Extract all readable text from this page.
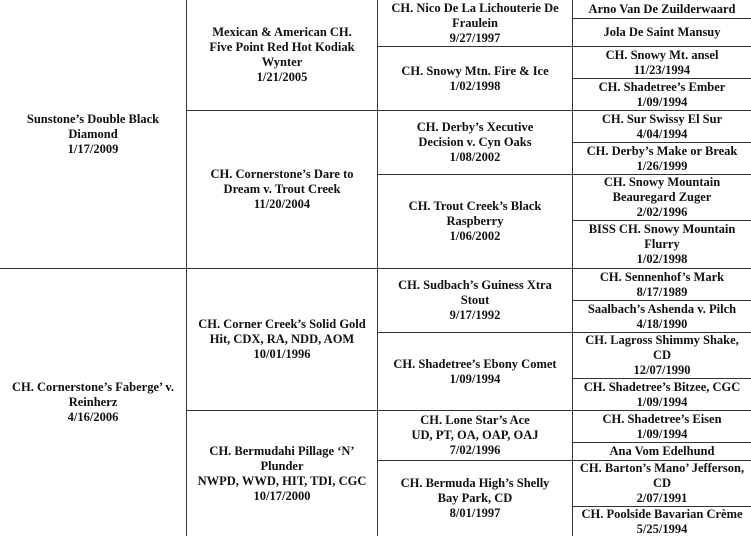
Sunstone’s Double Black
Diamond
1/17/2009
CH. Cornerstone’s Faberge’ v.
Reinherz
4/16/2006
Mexican & American CH.
Five Point Red Hot Kodiak
Wynter
1/21/2005
CH. Cornerstone’s Dare to
Dream v. Trout Creek
11/20/2004
CH. Corner Creek’s Solid Gold
Hit, CDX, RA, NDD, AOM
10/01/1996
CH. Bermudahi Pillage ‘N’
Plunder
NWPD, WWD, HIT, TDI, CGC
10/17/2000
CH. Nico De La Lichouterie De
Fraulein
9/27/1997
CH. Snowy Mtn. Fire & Ice
1/02/1998
CH. Derby’s Xecutive
Decision v. Cyn Oaks
1/08/2002
CH. Trout Creek’s Black
Raspberry
1/06/2002
CH. Sudbach’s Guiness Xtra
Stout
9/17/1992
CH. Shadetree’s Ebony Comet
1/09/1994
CH. Lone Star’s Ace
UD, PT, OA, OAP, OAJ
7/02/1996
CH. Bermuda High’s Shelly
Bay Park, CD
8/01/1997
Arno Van De Zuilderwaard
Jola De Saint Mansuy
CH. Snowy Mt. ansel
11/23/1994
CH. Shadetree’s Ember
1/09/1994
CH. Sur Swissy El Sur
4/04/1994
CH. Derby’s Make or Break
1/26/1999
CH. Snowy Mountain
Beauregard Zuger
2/02/1996
BISS CH. Snowy Mountain
Flurry
1/02/1998
CH. Sennenhof’s Mark
8/17/1989
Saalbach’s Ashenda v. Pilch
4/18/1990
CH. Lagross Shimmy Shake,
CD
12/07/1990
CH. Shadetree’s Bitzee, CGC
1/09/1994
CH. Shadetree’s Eisen
1/09/1994
Ana Vom Edelhund
CH. Barton’s Mano’ Jefferson,
CD
2/07/1991
CH. Poolside Bavarian Crème
5/25/1994
